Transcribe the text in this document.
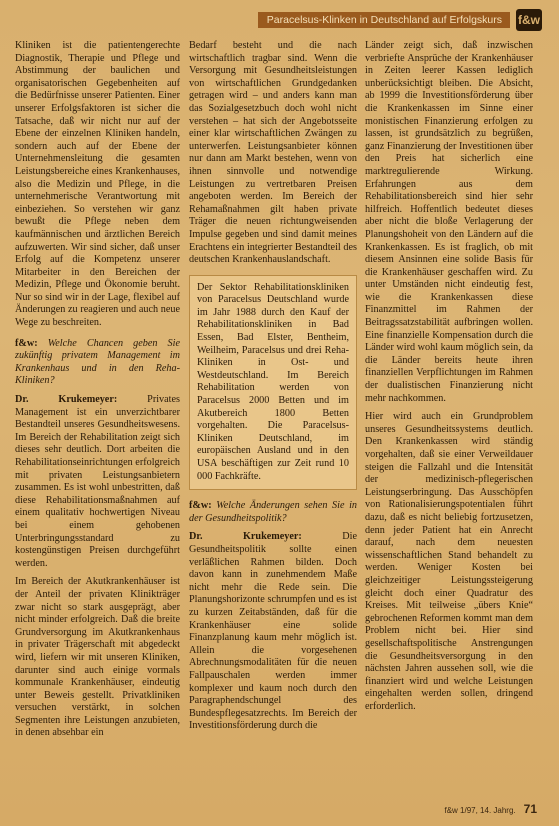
Paracelsus-Klinken in Deutschland auf Erfolgskurs	f&w

Kliniken ist die patientengerechte Diagnostik, Therapie und Pflege und Abstimmung der baulichen und organisatorischen Gegebenheiten auf die Bedürfnisse unserer Patienten. Einer unserer Erfolgsfaktoren ist sicher die Tatsache, daß wir nicht nur auf der Ebene der einzelnen Kliniken handeln, sondern auch auf der Ebene der Unternehmensleitung die gesamten Leistungsbereiche eines Krankenhauses, also die Medizin und Pflege, in die unternehmerische Verantwortung mit einbeziehen. So verstehen wir ganz bewußt die Pflege neben dem kaufmännischen und ärztlichen Bereich aufzuwerten. Wir sind sicher, daß unser Erfolg auf die Kompetenz unserer Mitarbeiter in den Bereichen der Medizin, Pflege und Ökonomie beruht. Nur so sind wir in der Lage, flexibel auf Änderungen zu reagieren und auch neue Wege zu beschreiten.

f&w: Welche Chancen geben Sie zukünftig privatem Management im Krankenhaus und in den Reha-Kliniken?

Dr. Krukemeyer:	Privates Management ist ein unverzichtbarer Bestandteil unseres Gesundheitswesens. Im Bereich der Rehabilitation zeigt sich dieses sehr deutlich. Dort arbeiten die Rehabilitationseinrichtungen erfolgreich mit privaten Leistungsanbietern zusammen. Es ist wohl unbestritten, daß diese Rehabilitationsmaßnahmen auf einem qualitativ hochwertigen Niveau bei einem gehobenen Unterbringungsstandard zu kostengünstigen Preisen durchgeführt werden.

Im Bereich der Akutkrankenhäuser ist der Anteil der privaten Klinikträger zwar nicht so stark ausgeprägt, aber nicht minder erfolgreich. Daß die breite Grundversorgung im Akutkrankenhaus in privater Trägerschaft mit abgedeckt wird, liefern wir mit unseren Kliniken, darunter sind auch einige vormals kommunale Krankenhäuser, eindeutig unter Beweis gestellt. Privatkliniken versuchen verstärkt, in solchen Segmenten ihre Leistungen anzubieten, in denen absehbar ein

Bedarf besteht und die nach wirtschaftlich tragbar sind. Wenn die Versorgung mit Gesundheitsleistungen von wirtschaftlichen Grundgedanken getragen wird – und anders kann man das Sozialgesetzbuch doch wohl nicht verstehen – hat sich der Angebotsseite einer klar wirtschaftlichen Zwängen zu unterwerfen. Leistungsanbieter können nur dann am Markt bestehen, wenn von ihnen sinnvolle und notwendige Leistungen zu vertretbaren Preisen angeboten werden. Im Bereich der Rehamaßnahmen gilt haben private Träger die neuen richtungweisenden Impulse gegeben und sind damit meines Erachtens ein integrierter Bestandteil des deutschen Krankenhauslandschaft.

Der Sektor Rehabilitationskliniken von Paracelsus Deutschland wurde im Jahr 1988 durch den Kauf der Rehabilitationskliniken in Bad Essen, Bad Elster, Bentheim, Weilheim, Paracelsus und drei Reha-Kliniken in Ost- und Westdeutschland. Im Bereich Rehabilitation werden von Paracelsus 2000 Betten und im Akutbereich 1800 Betten vorgehalten. Die Paracelsus-Kliniken Deutschland, im europäischen Ausland und in den USA beschäftigen zur Zeit rund 10 000 Fachkräfte.

f&w: Welche Änderungen sehen Sie in der Gesundheitspolitik?

Dr. Krukemeyer:	Die Gesundheitspolitik sollte einen verläßlichen Rahmen bilden. Doch davon kann in zunehmendem Maße nicht mehr die Rede sein. Die Planungshorizonte schrumpfen und es ist zu kurzen Zeitabständen, daß für die Krankenhäuser eine solide Finanzplanung kaum mehr möglich ist. Allein die vorgesehenen Abrechnungsmodalitäten für die neuen Fallpauschalen werden immer komplexer und kaum noch durch den Paragraphendschungel des Bundespflegesatzrechts. Im Bereich der Investitionsförderung durch die

Länder zeigt sich, daß inzwischen verbriefte Ansprüche der Krankenhäuser in Zeiten leerer Kassen lediglich unberücksichtigt bleiben. Die Absicht, ab 1999 die Investitionsförderung über die Krankenkassen im Sinne einer monistischen Finanzierung erfolgen zu lassen, ist grundsätzlich zu begrüßen, ganz Finanzierung der Investitionen über den Preis hat sicherlich eine marktregulierende Wirkung. Erfahrungen aus dem Rehabilitationsbereich sind hier sehr hilfreich. Hoffentlich bedeutet dieses aber nicht die bloße Verlagerung der Planungshoheit von den Ländern auf die Krankenkassen. Es ist fraglich, ob mit diesem Ansinnen eine solide Basis für die Krankenhäuser geschaffen wird. Zu unter Umständen nicht eindeutig fest, wie die Krankenkassen diese Finanzmittel im Rahmen der Beitragssatzstabilität aufbringen wollen. Eine finanzielle Kompensation durch die Länder wird wohl kaum möglich sein, da die Länder bereits heute ihren finanziellen Verpflichtungen im Rahmen der dualistischen Finanzierung nicht mehr nachkommen.

Hier wird auch ein Grundproblem unseres Gesundheitssystems deutlich. Den Krankenkassen wird ständig vorgehalten, daß sie einer Verweildauer steigen die Fallzahl und die Intensität der medizinisch-pflegerischen Leistungserbringung. Das Ausschöpfen von Rationalisierungspotentialen führt dazu, daß es nicht beliebig fortzusetzen, denn jeder Patient hat ein Anrecht darauf, nach dem neuesten wissenschaftlichen Stand behandelt zu werden. Weniger Kosten bei gleichzeitiger Leistungssteigerung gleicht doch einer Quadratur des Kreises. Mit teilweise „übers Knie“ gebrochenen Reformen kommt man dem Problem nicht bei. Hier sind gesellschaftspolitische Anstrengungen die Gesundheitsversorgung in den nächsten Jahren aussehen soll, wie die finanziert wird und welche Leistungen eingehalten werden sollen, dringend erforderlich.

f&w 1/97, 14. Jahrg. 71
